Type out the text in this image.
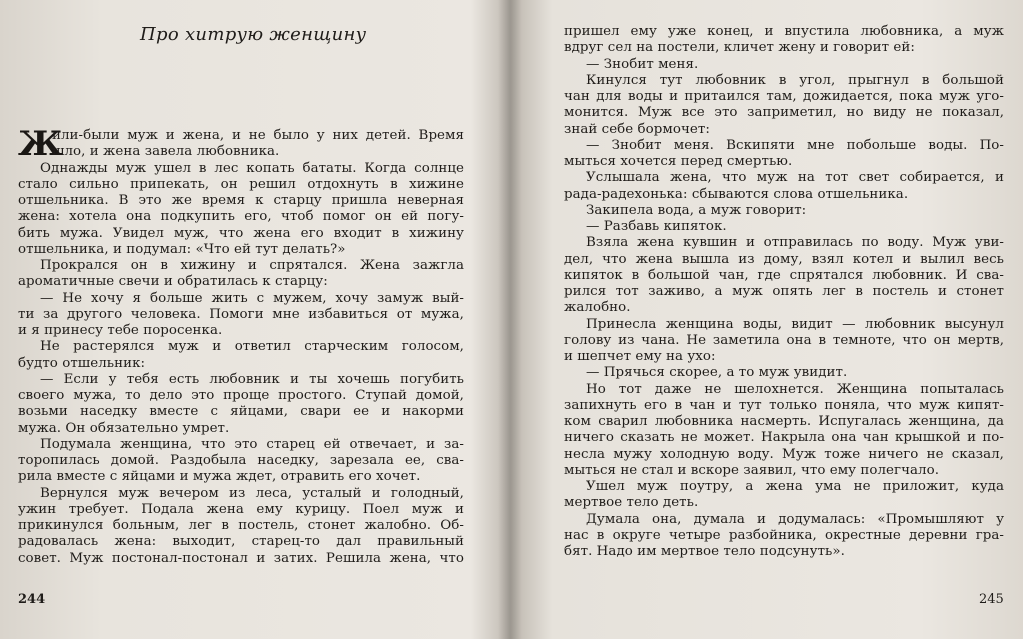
Про хитрую женщину
Ж
или-были муж и жена, и не было у них детей. Время
шло, и жена завела любовника.
Однажды муж ушел в лес копать бататы. Когда солнце
стало сильно припекать, он решил отдохнуть в хижине
отшельника. В это же время к старцу пришла неверная
жена: хотела она подкупить его, чтоб помог он ей погу-
бить мужа. Увидел муж, что жена его входит в хижину
отшельника, и подумал: «Что ей тут делать?»
Прокрался он в хижину и спрятался. Жена зажгла
ароматичные свечи и обратилась к старцу:
— Не хочу я больше жить с мужем, хочу замуж вый-
ти за другого человека. Помоги мне избавиться от мужа,
и я принесу тебе поросенка.
Не растерялся муж и ответил старческим голосом,
будто отшельник:
— Если у тебя есть любовник и ты хочешь погубить
своего мужа, то дело это проще простого. Ступай домой,
возьми наседку вместе с яйцами, свари ее и накорми
мужа. Он обязательно умрет.
Подумала женщина, что это старец ей отвечает, и за-
торопилась домой. Раздобыла наседку, зарезала ее, сва-
рила вместе с яйцами и мужа ждет, отравить его хочет.
Вернулся муж вечером из леса, усталый и голодный,
ужин требует. Подала жена ему курицу. Поел муж и
прикинулся больным, лег в постель, стонет жалобно. Об-
радовалась жена: выходит, старец-то дал правильный
совет. Муж постонал-постонал и затих. Решила жена, что
244
пришел ему уже конец, и впустила любовника, а муж
вдруг сел на постели, кличет жену и говорит ей:
— Знобит меня.
Кинулся тут любовник в угол, прыгнул в большой
чан для воды и притаился там, дожидается, пока муж уго-
монится. Муж все это заприметил, но виду не показал,
знай себе бормочет:
— Знобит меня. Вскипяти мне побольше воды. По-
мыться хочется перед смертью.
Услышала жена, что муж на тот свет собирается, и
рада-радехонька: сбываются слова отшельника.
Закипела вода, а муж говорит:
— Разбавь кипяток.
Взяла жена кувшин и отправилась по воду. Муж уви-
дел, что жена вышла из дому, взял котел и вылил весь
кипяток в большой чан, где спрятался любовник. И сва-
рился тот заживо, а муж опять лег в постель и стонет
жалобно.
Принесла женщина воды, видит — любовник высунул
голову из чана. Не заметила она в темноте, что он мертв,
и шепчет ему на ухо:
— Прячься скорее, а то муж увидит.
Но тот даже не шелохнется. Женщина попыталась
запихнуть его в чан и тут только поняла, что муж кипят-
ком сварил любовника насмерть. Испугалась женщина, да
ничего сказать не может. Накрыла она чан крышкой и по-
несла мужу холодную воду. Муж тоже ничего не сказал,
мыться не стал и вскоре заявил, что ему полегчало.
Ушел муж поутру, а жена ума не приложит, куда
мертвое тело деть.
Думала она, думала и додумалась: «Промышляют у
нас в округе четыре разбойника, окрестные деревни гра-
бят. Надо им мертвое тело подсунуть».
245
